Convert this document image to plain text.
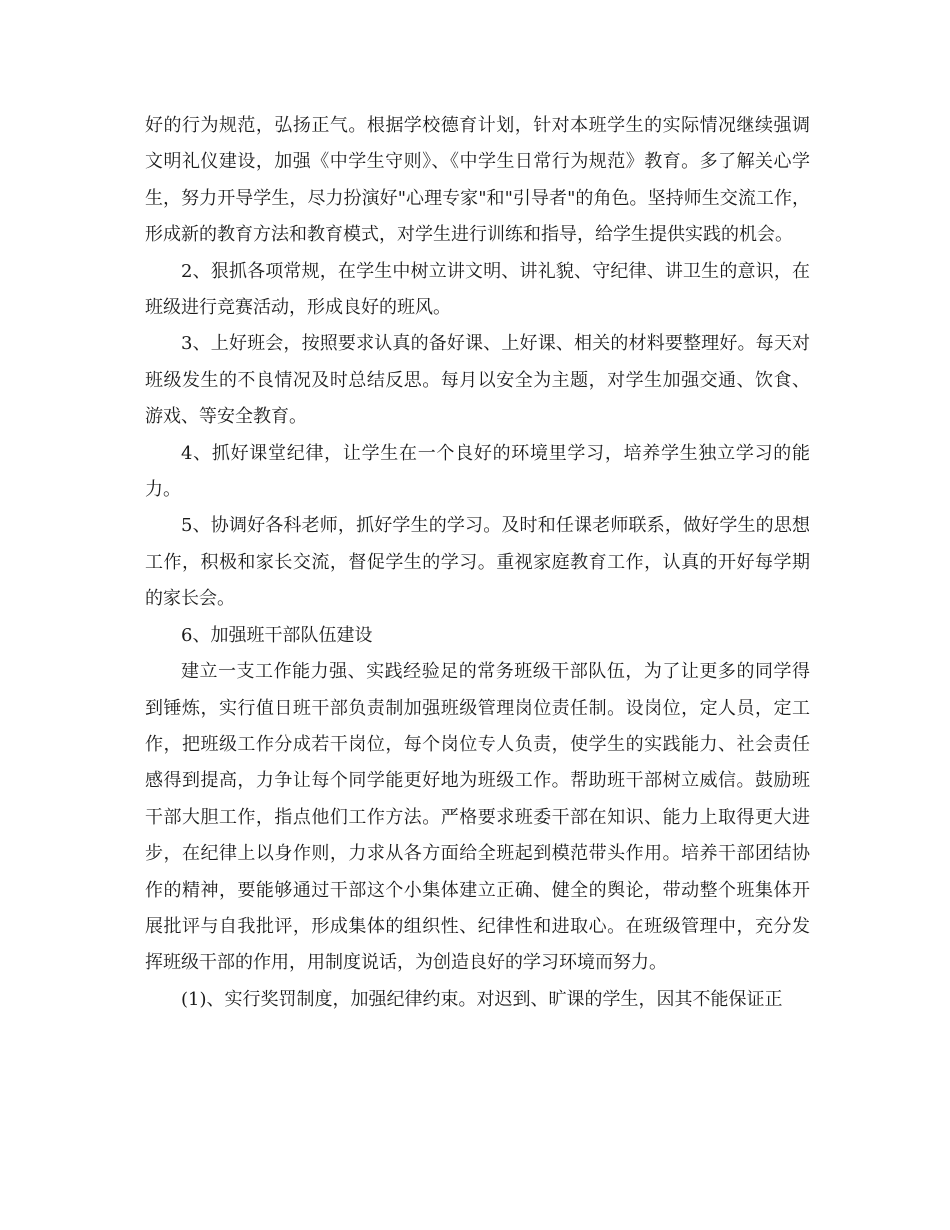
好的行为规范，弘扬正气。根据学校德育计划，针对本班学生的实际情况继续强调文明礼仪建设，加强《中学生守则》、《中学生日常行为规范》教育。多了解关心学生，努力开导学生，尽力扮演好"心理专家"和"引导者"的角色。坚持师生交流工作，形成新的教育方法和教育模式，对学生进行训练和指导，给学生提供实践的机会。

2、狠抓各项常规，在学生中树立讲文明、讲礼貌、守纪律、讲卫生的意识，在班级进行竞赛活动，形成良好的班风。

3、上好班会，按照要求认真的备好课、上好课、相关的材料要整理好。每天对班级发生的不良情况及时总结反思。每月以安全为主题，对学生加强交通、饮食、游戏、等安全教育。

4、抓好课堂纪律，让学生在一个良好的环境里学习，培养学生独立学习的能力。

5、协调好各科老师，抓好学生的学习。及时和任课老师联系，做好学生的思想工作，积极和家长交流，督促学生的学习。重视家庭教育工作，认真的开好每学期的家长会。

6、加强班干部队伍建设

建立一支工作能力强、实践经验足的常务班级干部队伍，为了让更多的同学得到锤炼，实行值日班干部负责制加强班级管理岗位责任制。设岗位，定人员，定工作，把班级工作分成若干岗位，每个岗位专人负责，使学生的实践能力、社会责任感得到提高，力争让每个同学能更好地为班级工作。帮助班干部树立威信。鼓励班干部大胆工作，指点他们工作方法。严格要求班委干部在知识、能力上取得更大进步，在纪律上以身作则，力求从各方面给全班起到模范带头作用。培养干部团结协作的精神，要能够通过干部这个小集体建立正确、健全的舆论，带动整个班集体开展批评与自我批评，形成集体的组织性、纪律性和进取心。在班级管理中，充分发挥班级干部的作用，用制度说话，为创造良好的学习环境而努力。

(1)、实行奖罚制度，加强纪律约束。对迟到、旷课的学生，因其不能保证正
